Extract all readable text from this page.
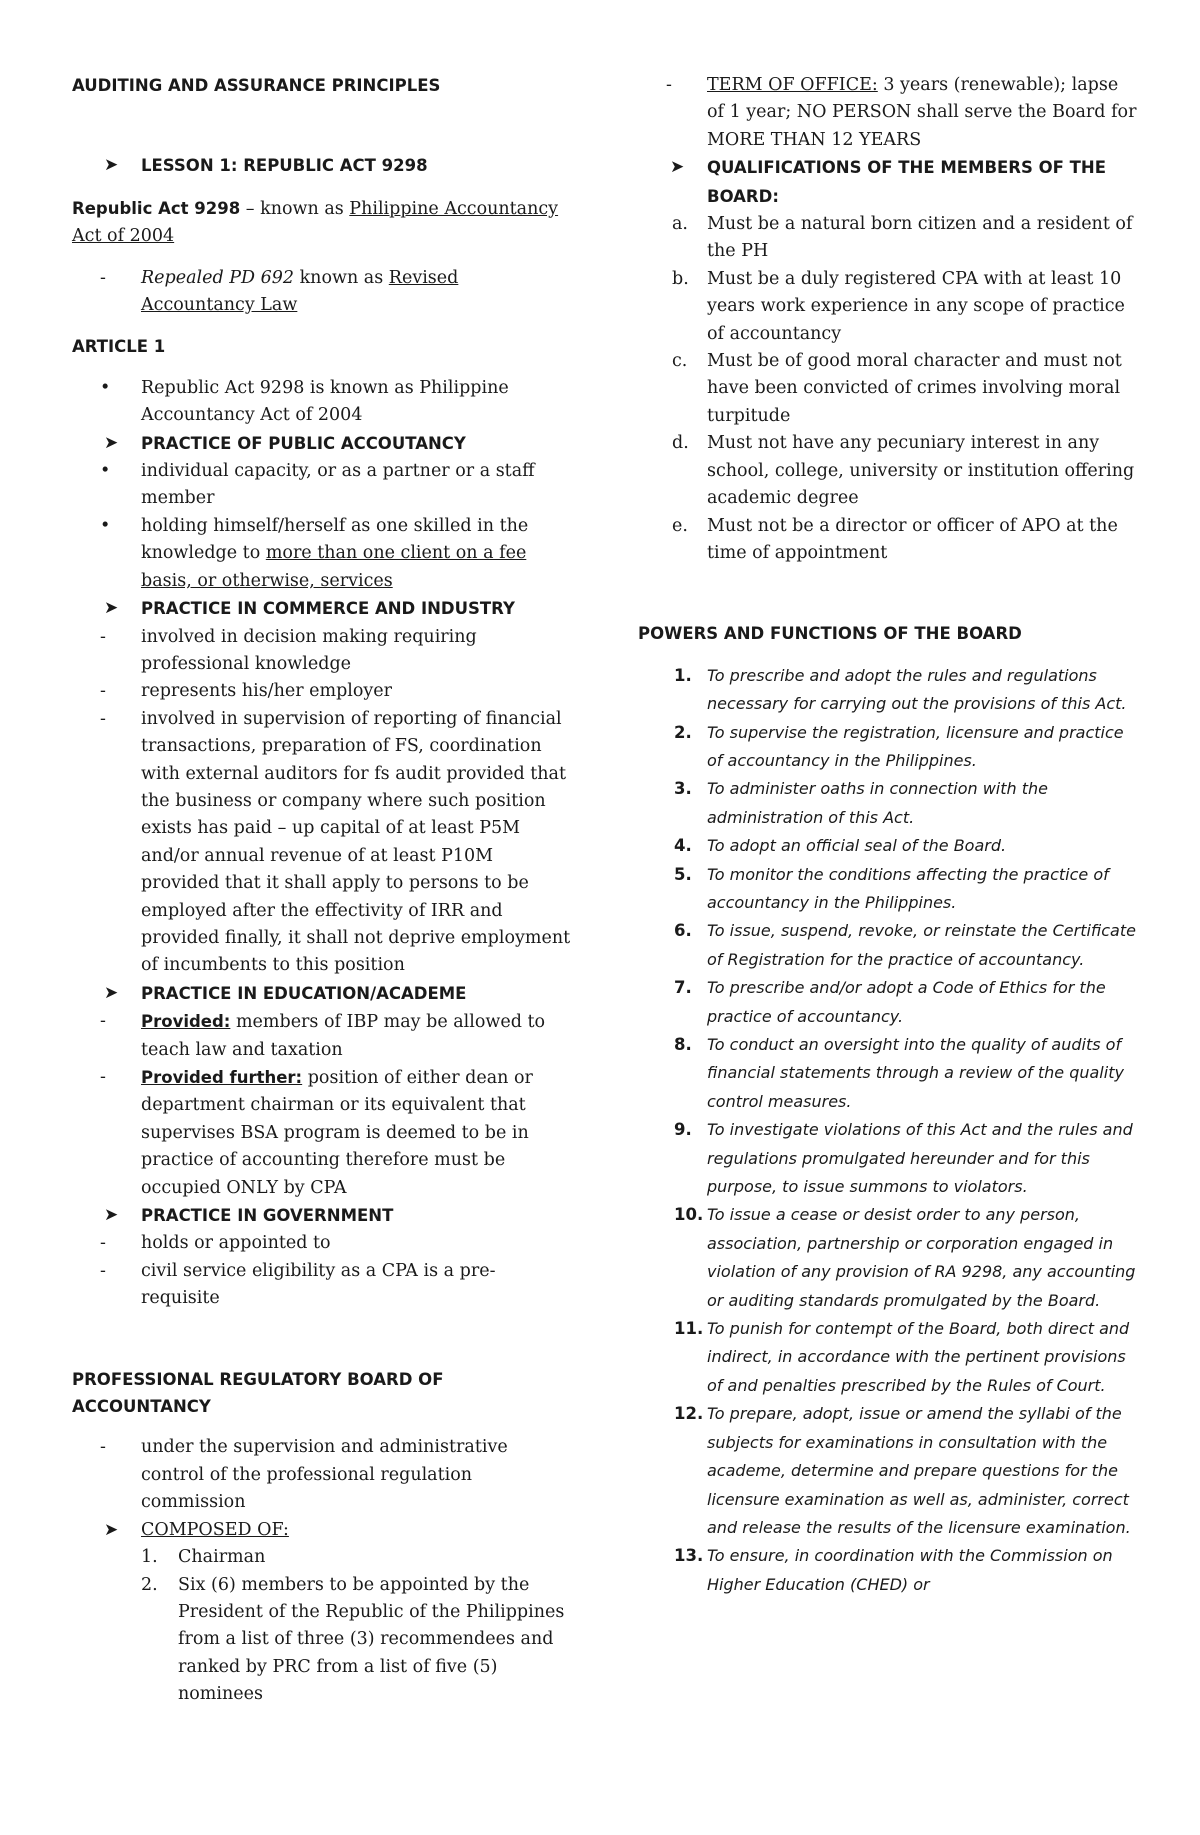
AUDITING AND ASSURANCE PRINCIPLES
➤ LESSON 1: REPUBLIC ACT 9298
Republic Act 9298 – known as Philippine Accountancy Act of 2004
- Repealed PD 692 known as Revised Accountancy Law
ARTICLE 1
• Republic Act 9298 is known as Philippine Accountancy Act of 2004
➤ PRACTICE OF PUBLIC ACCOUTANCY
• individual capacity, or as a partner or a staff member
• holding himself/herself as one skilled in the knowledge to more than one client on a fee basis, or otherwise, services
➤ PRACTICE IN COMMERCE AND INDUSTRY
- involved in decision making requiring professional knowledge
- represents his/her employer
- involved in supervision of reporting of financial transactions, preparation of FS, coordination with external auditors for fs audit provided that the business or company where such position exists has paid – up capital of at least P5M and/or annual revenue of at least P10M provided that it shall apply to persons to be employed after the effectivity of IRR and provided finally, it shall not deprive employment of incumbents to this position
➤ PRACTICE IN EDUCATION/ACADEME
- Provided: members of IBP may be allowed to teach law and taxation
- Provided further: position of either dean or department chairman or its equivalent that supervises BSA program is deemed to be in practice of accounting therefore must be occupied ONLY by CPA
➤ PRACTICE IN GOVERNMENT
- holds or appointed to
- civil service eligibility as a CPA is a pre-requisite
PROFESSIONAL REGULATORY BOARD OF ACCOUNTANCY
- under the supervision and administrative control of the professional regulation commission
➤ COMPOSED OF:
1. Chairman
2. Six (6) members to be appointed by the President of the Republic of the Philippines from a list of three (3) recommendees and ranked by PRC from a list of five (5) nominees
- TERM OF OFFICE: 3 years (renewable); lapse of 1 year; NO PERSON shall serve the Board for MORE THAN 12 YEARS
➤ QUALIFICATIONS OF THE MEMBERS OF THE BOARD:
a. Must be a natural born citizen and a resident of the PH
b. Must be a duly registered CPA with at least 10 years work experience in any scope of practice of accountancy
c. Must be of good moral character and must not have been convicted of crimes involving moral turpitude
d. Must not have any pecuniary interest in any school, college, university or institution offering academic degree
e. Must not be a director or officer of APO at the time of appointment
POWERS AND FUNCTIONS OF THE BOARD
1. To prescribe and adopt the rules and regulations necessary for carrying out the provisions of this Act.
2. To supervise the registration, licensure and practice of accountancy in the Philippines.
3. To administer oaths in connection with the administration of this Act.
4. To adopt an official seal of the Board.
5. To monitor the conditions affecting the practice of accountancy in the Philippines.
6. To issue, suspend, revoke, or reinstate the Certificate of Registration for the practice of accountancy.
7. To prescribe and/or adopt a Code of Ethics for the practice of accountancy.
8. To conduct an oversight into the quality of audits of financial statements through a review of the quality control measures.
9. To investigate violations of this Act and the rules and regulations promulgated hereunder and for this purpose, to issue summons to violators.
10. To issue a cease or desist order to any person, association, partnership or corporation engaged in violation of any provision of RA 9298, any accounting or auditing standards promulgated by the Board.
11. To punish for contempt of the Board, both direct and indirect, in accordance with the pertinent provisions of and penalties prescribed by the Rules of Court.
12. To prepare, adopt, issue or amend the syllabi of the subjects for examinations in consultation with the academe, determine and prepare questions for the licensure examination as well as, administer, correct and release the results of the licensure examination.
13. To ensure, in coordination with the Commission on Higher Education (CHED) or
